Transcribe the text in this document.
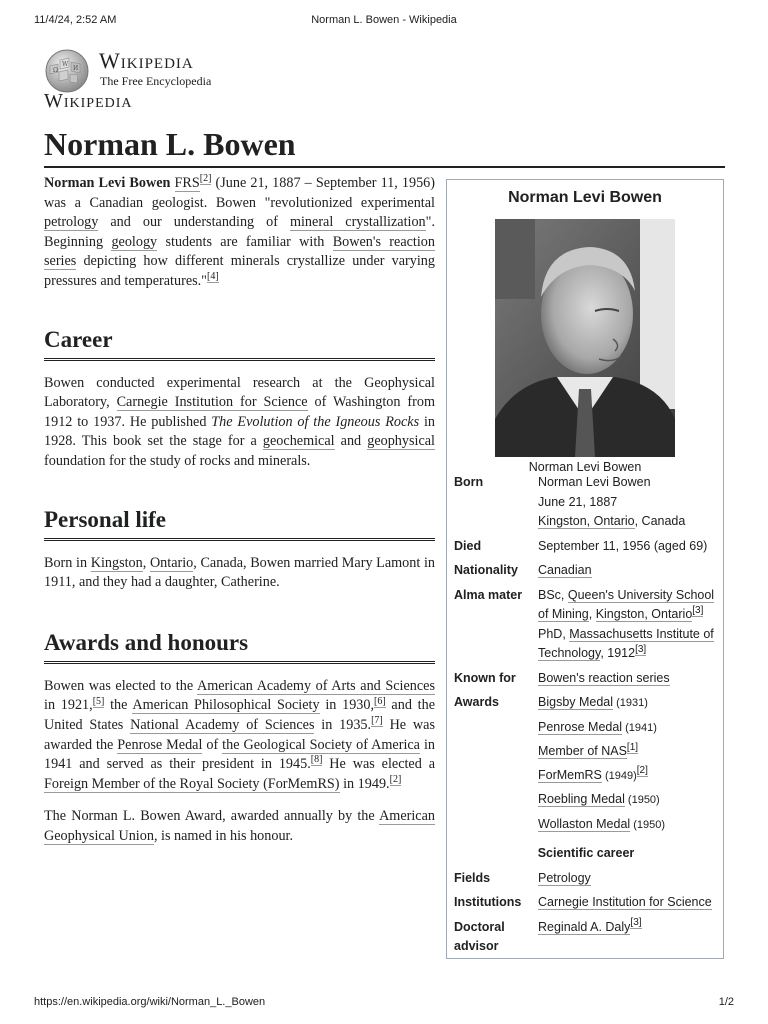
11/4/24, 2:52 AM	Norman L. Bowen - Wikipedia
Ω
W
И Wikipedia
The Free Encyclopedia
Wikipedia
Norman L. Bowen

Norman Levi Bowen FRS[2] (June 21, 1887 – September 11, 1956) was a Canadian geologist. Bowen "revolutionized experimental petrology and our understanding of mineral crystallization". Beginning geology students are familiar with Bowen's reaction series depicting how different minerals crystallize under varying pressures and temperatures."[4]

Career

Bowen conducted experimental research at the Geophysical Laboratory, Carnegie Institution for Science of Washington from 1912 to 1937. He published The Evolution of the Igneous Rocks in 1928. This book set the stage for a geochemical and geophysical foundation for the study of rocks and minerals.

Personal life

Born in Kingston, Ontario, Canada, Bowen married Mary Lamont in 1911, and they had a daughter, Catherine.

Awards and honours

Bowen was elected to the American Academy of Arts and Sciences in 1921,[5] the American Philosophical Society in 1930,[6] and the United States National Academy of Sciences in 1935.[7] He was awarded the Penrose Medal of the Geological Society of America in 1941 and served as their president in 1945.[8] He was elected a Foreign Member of the Royal Society (ForMemRS) in 1949.[2]

The Norman L. Bowen Award, awarded annually by the American Geophysical Union, is named in his honour.

Norman Levi Bowen
Norman Levi Bowen
Born	Norman Levi Bowen
June 21, 1887
Kingston, Ontario, Canada
Died	September 11, 1956 (aged 69)
Nationality	Canadian
Alma mater	BSc, Queen's University School of Mining, Kingston, Ontario[3]
PhD, Massachusetts Institute of Technology, 1912[3]
Known for	Bowen's reaction series
Awards	Bigsby Medal (1931)
Penrose Medal (1941)
Member of NAS[1]
ForMemRS (1949)[2]
Roebling Medal (1950)
Wollaston Medal (1950)
Scientific career
Fields	Petrology
Institutions	Carnegie Institution for Science
Doctoral advisor
Reginald A. Daly[3]
https://en.wikipedia.org/wiki/Norman_L._Bowen	1/2
